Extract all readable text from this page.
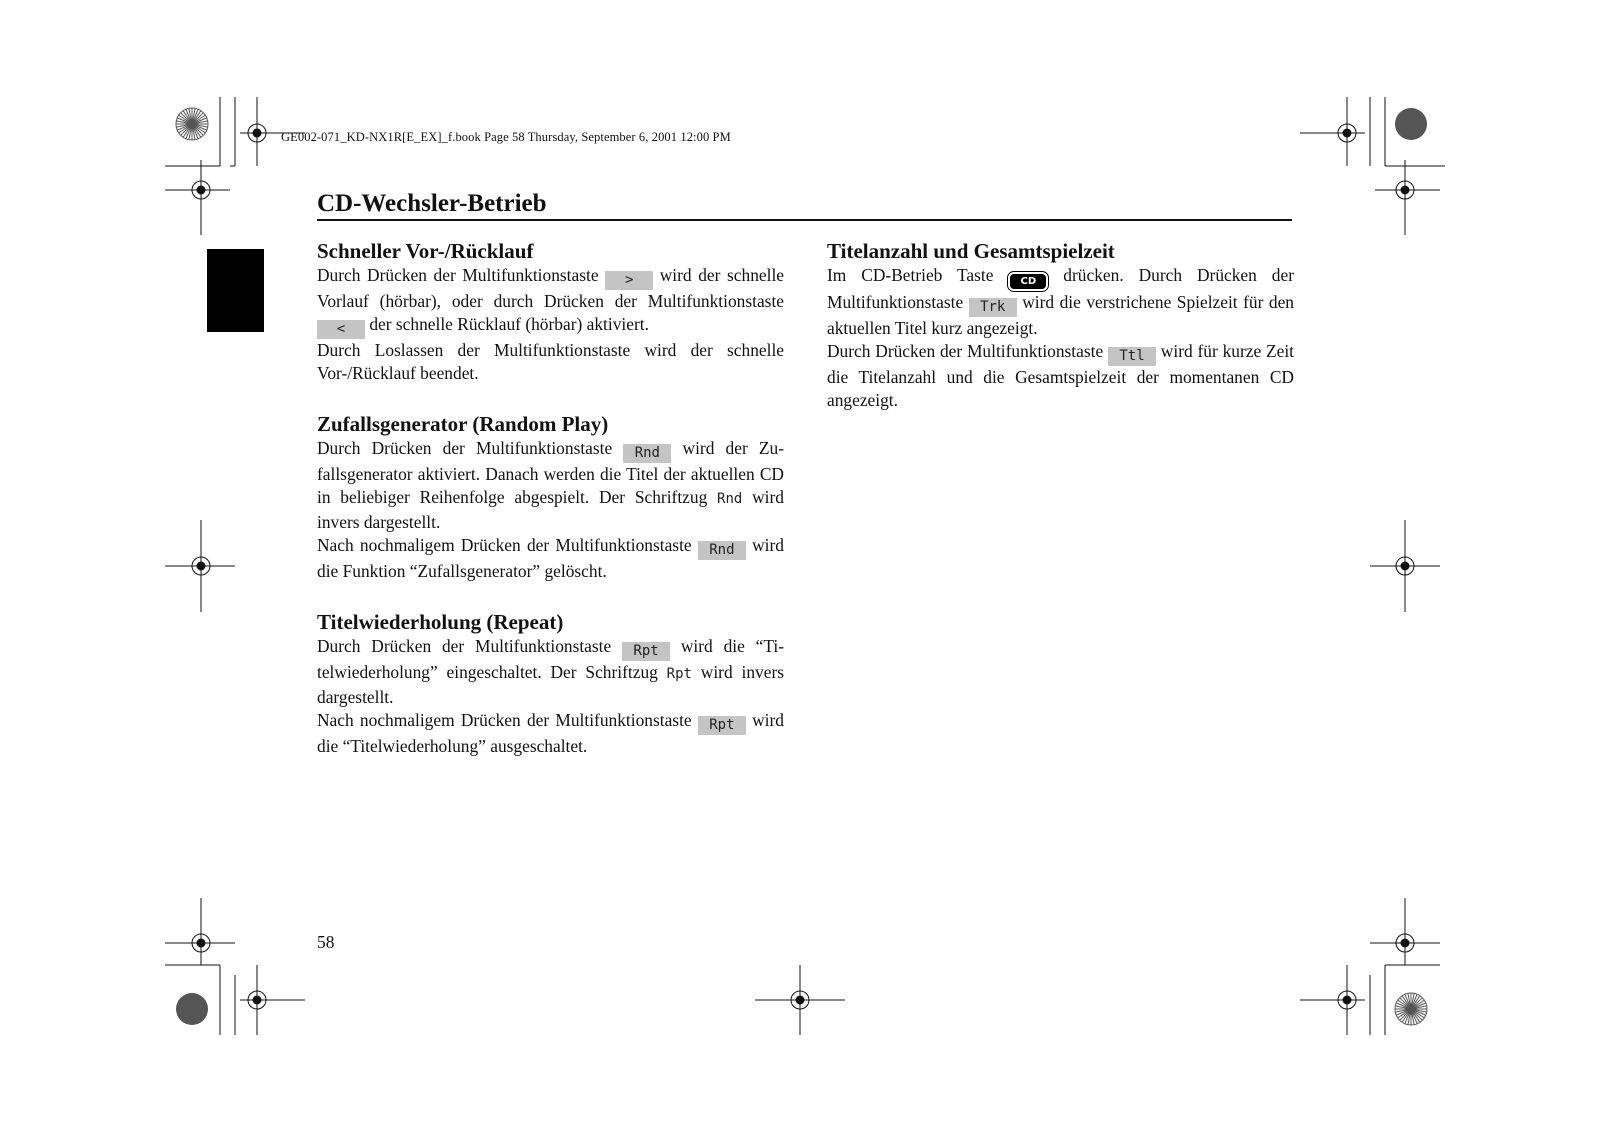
GE002-071_KD-NX1R[E_EX]_f.book Page 58 Thursday, September 6, 2001 12:00 PM
CD-Wechsler-Betrieb
Schneller Vor-/Rücklauf

Durch Drücken der Multifunktionstaste > wird der schnelle Vorlauf (hörbar), oder durch Drücken der Multifunktionstaste < der schnelle Rücklauf (hörbar) aktiviert.

Durch Loslassen der Multifunktionstaste wird der schnelle Vor-/Rücklauf beendet.

Zufallsgenerator (Random Play)

Durch Drücken der Multifunktionstaste Rnd wird der Zufallsgenerator aktiviert. Danach werden die Titel der aktuellen CD in beliebiger Reihenfolge abgespielt. Der Schriftzug Rnd wird invers dargestellt.

Nach nochmaligem Drücken der Multifunktionstaste Rnd wird die Funktion “Zufallsgenerator” gelöscht.

Titelwiederholung (Repeat)

Durch Drücken der Multifunktionstaste Rpt wird die “Titelwiederholung” eingeschaltet. Der Schriftzug Rpt wird invers dargestellt.

Nach nochmaligem Drücken der Multifunktionstaste Rpt wird die “Titelwiederholung” ausgeschaltet.

Titelanzahl und Gesamtspielzeit

Im CD-Betrieb Taste CD drücken. Durch Drücken der Multifunktionstaste Trk wird die verstrichene Spielzeit für den aktuellen Titel kurz angezeigt.

Durch Drücken der Multifunktionstaste Ttl wird für kurze Zeit die Titelanzahl und die Gesamtspielzeit der momentanen CD angezeigt.

58
